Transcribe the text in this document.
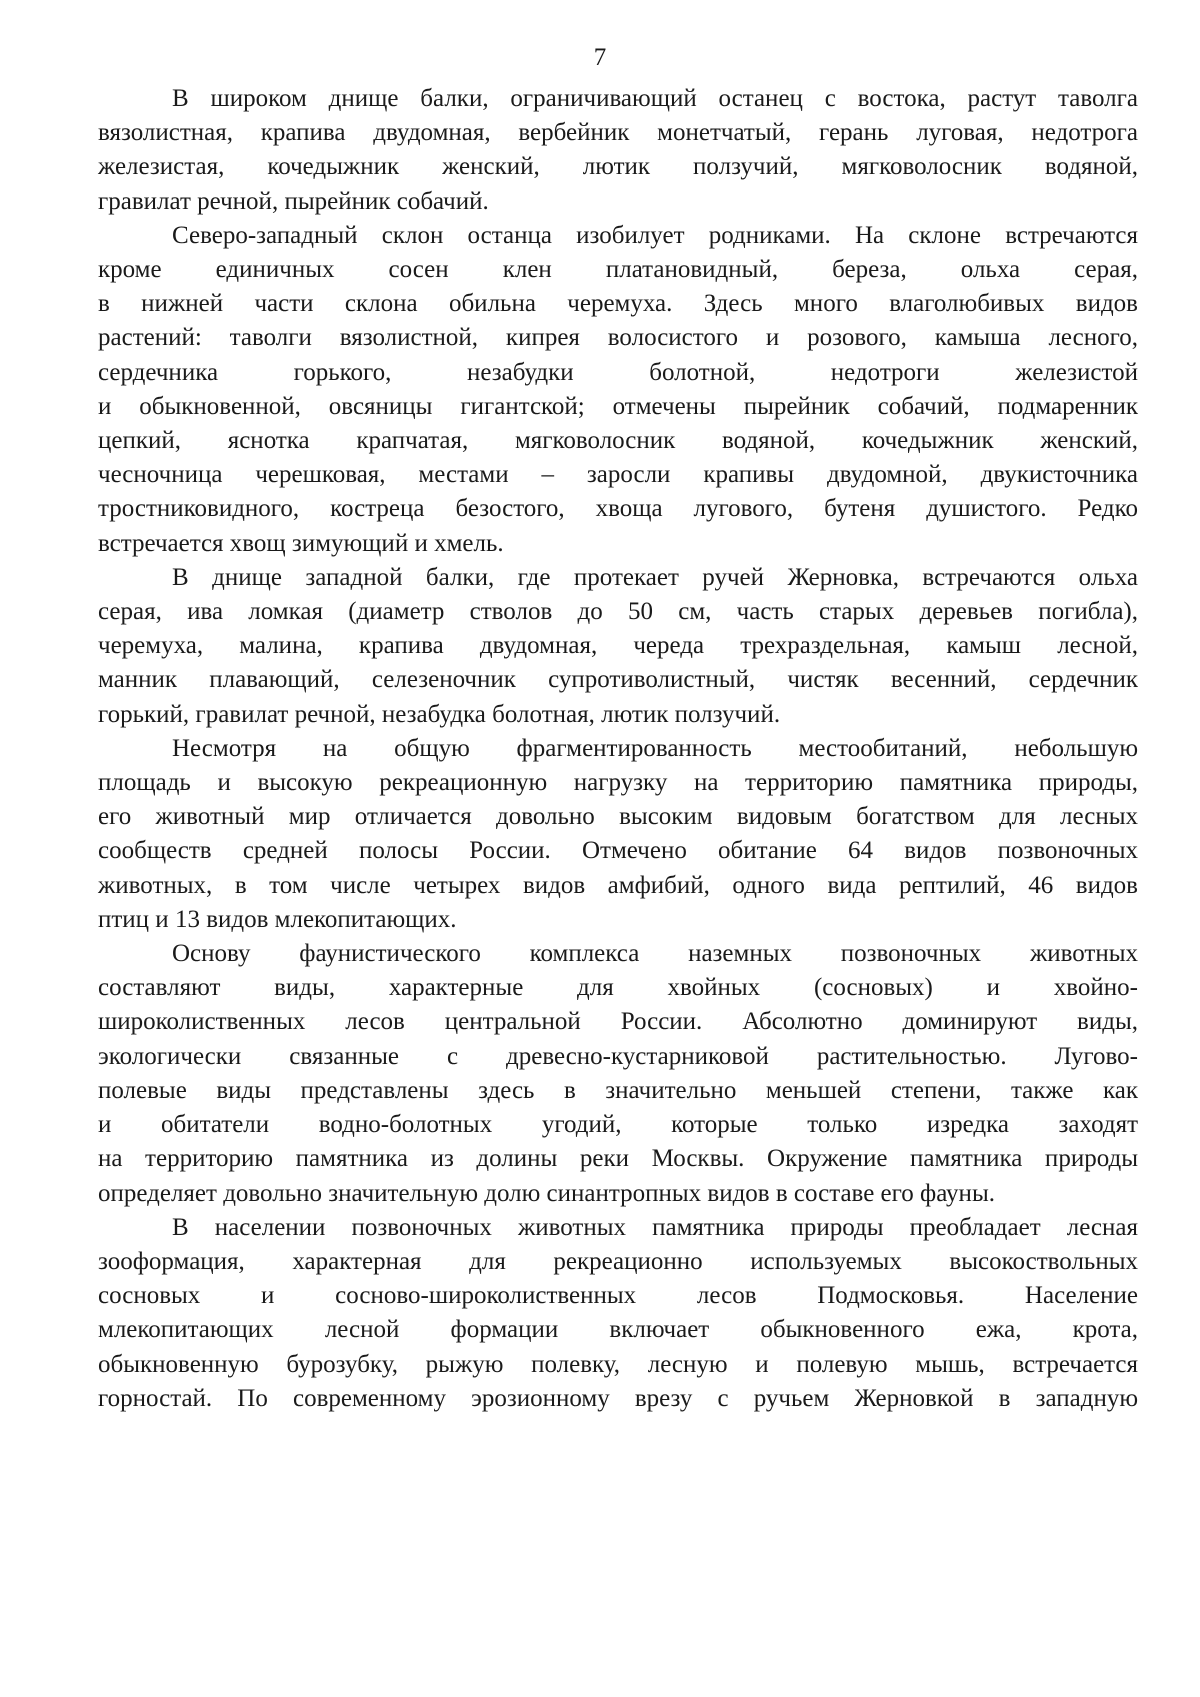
7
В широком днище балки, ограничивающий останец с востока, растут таволга
вязолистная, крапива двудомная, вербейник монетчатый, герань луговая, недотрога
железистая, кочедыжник женский, лютик ползучий, мягковолосник водяной,
гравилат речной, пырейник собачий.
Северо-западный склон останца изобилует родниками. На склоне встречаются
кроме единичных сосен клен платановидный, береза, ольха серая,
в нижней части склона обильна черемуха. Здесь много влаголюбивых видов
растений: таволги вязолистной, кипрея волосистого и розового, камыша лесного,
сердечника горького, незабудки болотной, недотроги железистой
и обыкновенной, овсяницы гигантской; отмечены пырейник собачий, подмаренник
цепкий, яснотка крапчатая, мягковолосник водяной, кочедыжник женский,
чесночница черешковая, местами – заросли крапивы двудомной, двукисточника
тростниковидного, костреца безостого, хвоща лугового, бутеня душистого. Редко
встречается хвощ зимующий и хмель.
В днище западной балки, где протекает ручей Жерновка, встречаются ольха
серая, ива ломкая (диаметр стволов до 50 см, часть старых деревьев погибла),
черемуха, малина, крапива двудомная, череда трехраздельная, камыш лесной,
манник плавающий, селезеночник супротиволистный, чистяк весенний, сердечник
горький, гравилат речной, незабудка болотная, лютик ползучий.
Несмотря на общую фрагментированность местообитаний, небольшую
площадь и высокую рекреационную нагрузку на территорию памятника природы,
его животный мир отличается довольно высоким видовым богатством для лесных
сообществ средней полосы России. Отмечено обитание 64 видов позвоночных
животных, в том числе четырех видов амфибий, одного вида рептилий, 46 видов
птиц и 13 видов млекопитающих.
Основу фаунистического комплекса наземных позвоночных животных
составляют виды, характерные для хвойных (сосновых) и хвойно-
широколиственных лесов центральной России. Абсолютно доминируют виды,
экологически связанные с древесно-кустарниковой растительностью. Лугово-
полевые виды представлены здесь в значительно меньшей степени, также как
и обитатели водно-болотных угодий, которые только изредка заходят
на территорию памятника из долины реки Москвы. Окружение памятника природы
определяет довольно значительную долю синантропных видов в составе его фауны.
В населении позвоночных животных памятника природы преобладает лесная
зооформация, характерная для рекреационно используемых высокоствольных
сосновых и сосново-широколиственных лесов Подмосковья. Население
млекопитающих лесной формации включает обыкновенного ежа, крота,
обыкновенную бурозубку, рыжую полевку, лесную и полевую мышь, встречается
горностай. По современному эрозионному врезу с ручьем Жерновкой в западную
